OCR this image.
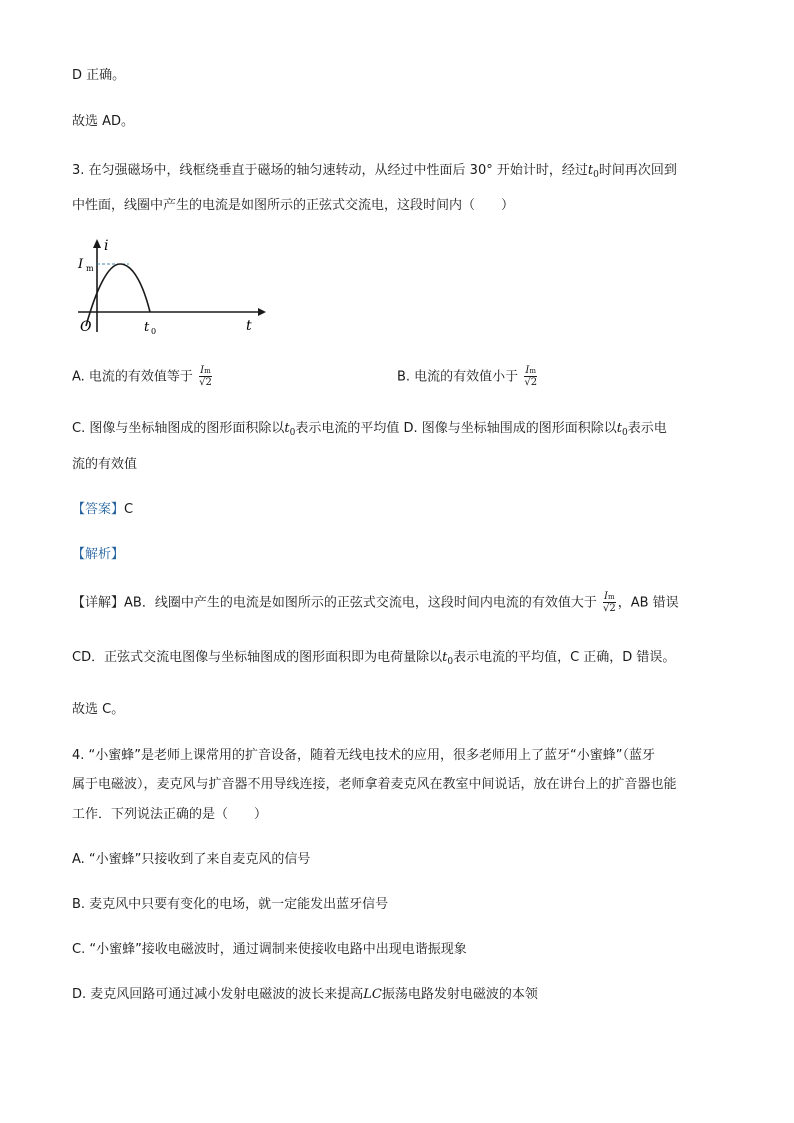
D 正确。
故选 AD。
3. 在匀强磁场中，线框绕垂直于磁场的轴匀速转动，从经过中性面后 30° 开始计时，经过$t_0$时间再次回到
中性面，线圈中产生的电流是如图所示的正弦式交流电，这段时间内（　　）
i
I m
O	t 0	t
A. 电流的有效值等于 $\frac{Im}{√2}$	B. 电流的有效值小于 $\frac{Im}{√2}$
C. 图像与坐标轴图成的图形面积除以$t_0$表示电流的平均值 D. 图像与坐标轴围成的图形面积除以$t_0$表示电
流的有效值
【答案】C
【解析】
【详解】AB．线圈中产生的电流是如图所示的正弦式交流电，这段时间内电流的有效值大于 $\frac{Im}{√2}$ ，AB 错误
CD．正弦式交流电图像与坐标轴图成的图形面积即为电荷量除以$t_0$表示电流的平均值，C 正确，D 错误。
故选 C。
4. “小蜜蜂”是老师上课常用的扩音设备，随着无线电技术的应用，很多老师用上了蓝牙“小蜜蜂”（蓝牙
属于电磁波），麦克风与扩音器不用导线连接，老师拿着麦克风在教室中间说话，放在讲台上的扩音器也能
工作．下列说法正确的是（　　）
A. “小蜜蜂”只接收到了来自麦克风的信号
B. 麦克风中只要有变化的电场，就一定能发出蓝牙信号
C. “小蜜蜂”接收电磁波时，通过调制来使接收电路中出现电谐振现象
D. 麦克风回路可通过减小发射电磁波的波长来提高LC振荡电路发射电磁波的本领
